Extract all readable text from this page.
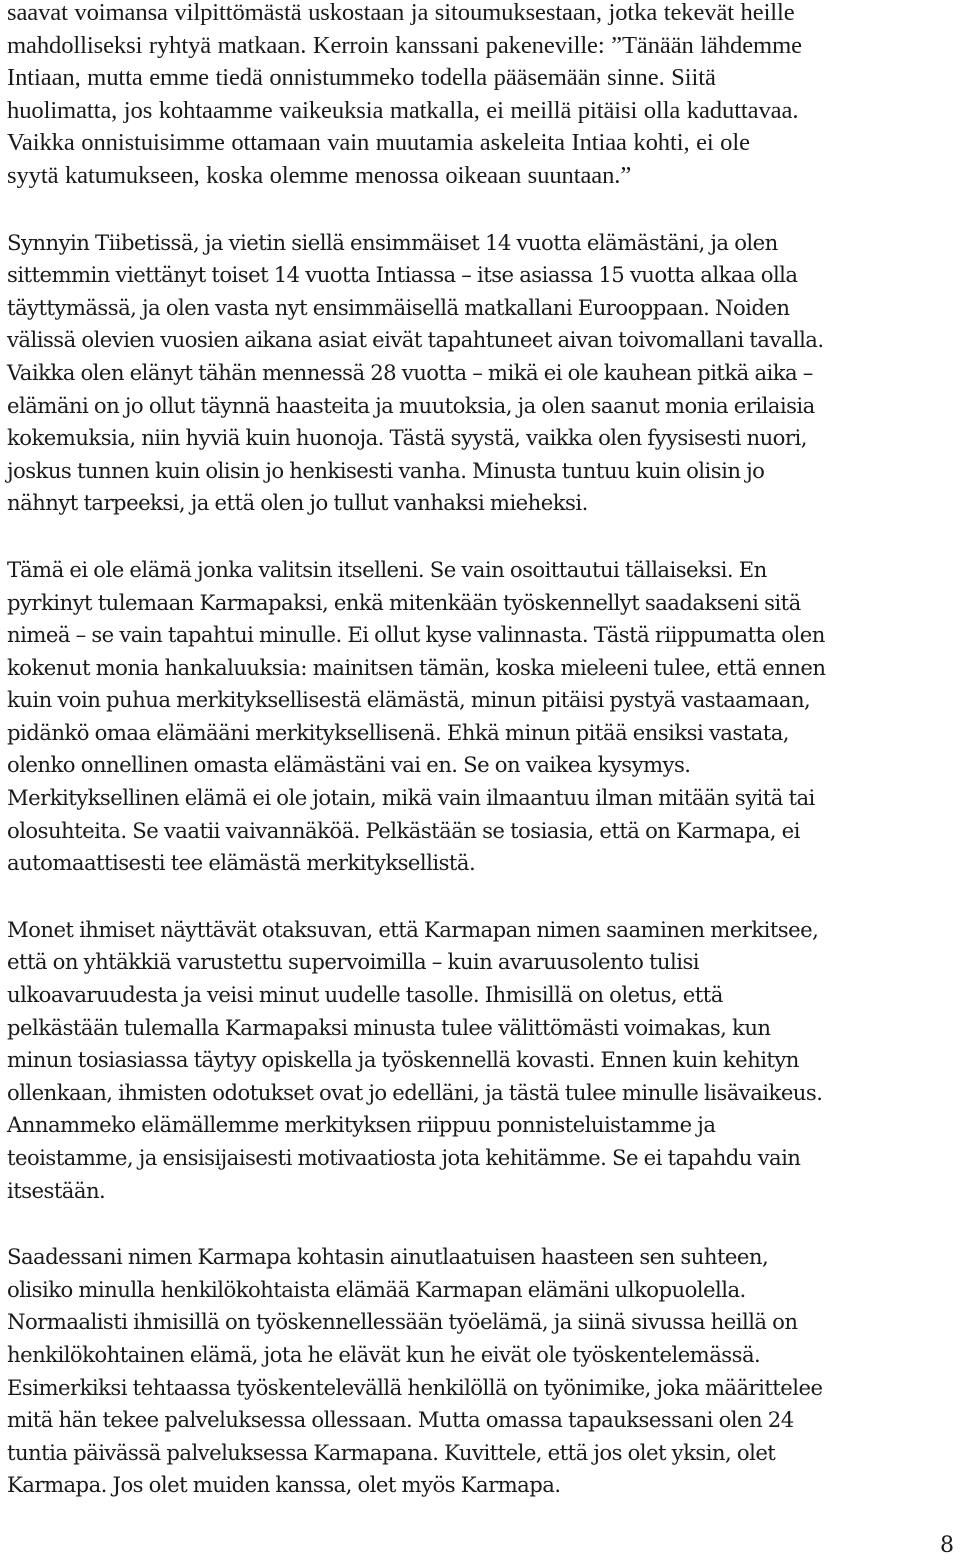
saavat voimansa vilpittömästä uskostaan ja sitoumuksestaan, jotka tekevät heille
mahdolliseksi ryhtyä matkaan. Kerroin kanssani pakeneville: ”Tänään lähdemme
Intiaan, mutta emme tiedä onnistummeko todella pääsemään sinne. Siitä
huolimatta, jos kohtaamme vaikeuksia matkalla, ei meillä pitäisi olla kaduttavaa.
Vaikka onnistuisimme ottamaan vain muutamia askeleita Intiaa kohti, ei ole
syytä katumukseen, koska olemme menossa oikeaan suuntaan.”
Synnyin Tiibetissä, ja vietin siellä ensimmäiset 14 vuotta elämästäni, ja olen
sittemmin viettänyt toiset 14 vuotta Intiassa – itse asiassa 15 vuotta alkaa olla
täyttymässä, ja olen vasta nyt ensimmäisellä matkallani Eurooppaan. Noiden
välissä olevien vuosien aikana asiat eivät tapahtuneet aivan toivomallani tavalla.
Vaikka olen elänyt tähän mennessä 28 vuotta – mikä ei ole kauhean pitkä aika –
elämäni on jo ollut täynnä haasteita ja muutoksia, ja olen saanut monia erilaisia
kokemuksia, niin hyviä kuin huonoja. Tästä syystä, vaikka olen fyysisesti nuori,
joskus tunnen kuin olisin jo henkisesti vanha. Minusta tuntuu kuin olisin jo
nähnyt tarpeeksi, ja että olen jo tullut vanhaksi mieheksi.
Tämä ei ole elämä jonka valitsin itselleni. Se vain osoittautui tällaiseksi. En
pyrkinyt tulemaan Karmapaksi, enkä mitenkään työskennellyt saadakseni sitä
nimeä – se vain tapahtui minulle. Ei ollut kyse valinnasta. Tästä riippumatta olen
kokenut monia hankaluuksia: mainitsen tämän, koska mieleeni tulee, että ennen
kuin voin puhua merkityksellisestä elämästä, minun pitäisi pystyä vastaamaan,
pidänkö omaa elämääni merkityksellisenä. Ehkä minun pitää ensiksi vastata,
olenko onnellinen omasta elämästäni vai en. Se on vaikea kysymys.
Merkityksellinen elämä ei ole jotain, mikä vain ilmaantuu ilman mitään syitä tai
olosuhteita. Se vaatii vaivannäköä. Pelkästään se tosiasia, että on Karmapa, ei
automaattisesti tee elämästä merkityksellistä.
Monet ihmiset näyttävät otaksuvan, että Karmapan nimen saaminen merkitsee,
että on yhtäkkiä varustettu supervoimilla – kuin avaruusolento tulisi
ulkoavaruudesta ja veisi minut uudelle tasolle. Ihmisillä on oletus, että
pelkästään tulemalla Karmapaksi minusta tulee välittömästi voimakas, kun
minun tosiasiassa täytyy opiskella ja työskennellä kovasti. Ennen kuin kehityn
ollenkaan, ihmisten odotukset ovat jo edelläni, ja tästä tulee minulle lisävaikeus.
Annammeko elämällemme merkityksen riippuu ponnisteluistamme ja
teoistamme, ja ensisijaisesti motivaatiosta jota kehitämme. Se ei tapahdu vain
itsestään.
Saadessani nimen Karmapa kohtasin ainutlaatuisen haasteen sen suhteen,
olisiko minulla henkilökohtaista elämää Karmapan elämäni ulkopuolella.
Normaalisti ihmisillä on työskennellessään työelämä, ja siinä sivussa heillä on
henkilökohtainen elämä, jota he elävät kun he eivät ole työskentelemässä.
Esimerkiksi tehtaassa työskentelevällä henkilöllä on työnimike, joka määrittelee
mitä hän tekee palveluksessa ollessaan. Mutta omassa tapauksessani olen 24
tuntia päivässä palveluksessa Karmapana. Kuvittele, että jos olet yksin, olet
Karmapa. Jos olet muiden kanssa, olet myös Karmapa.
8
